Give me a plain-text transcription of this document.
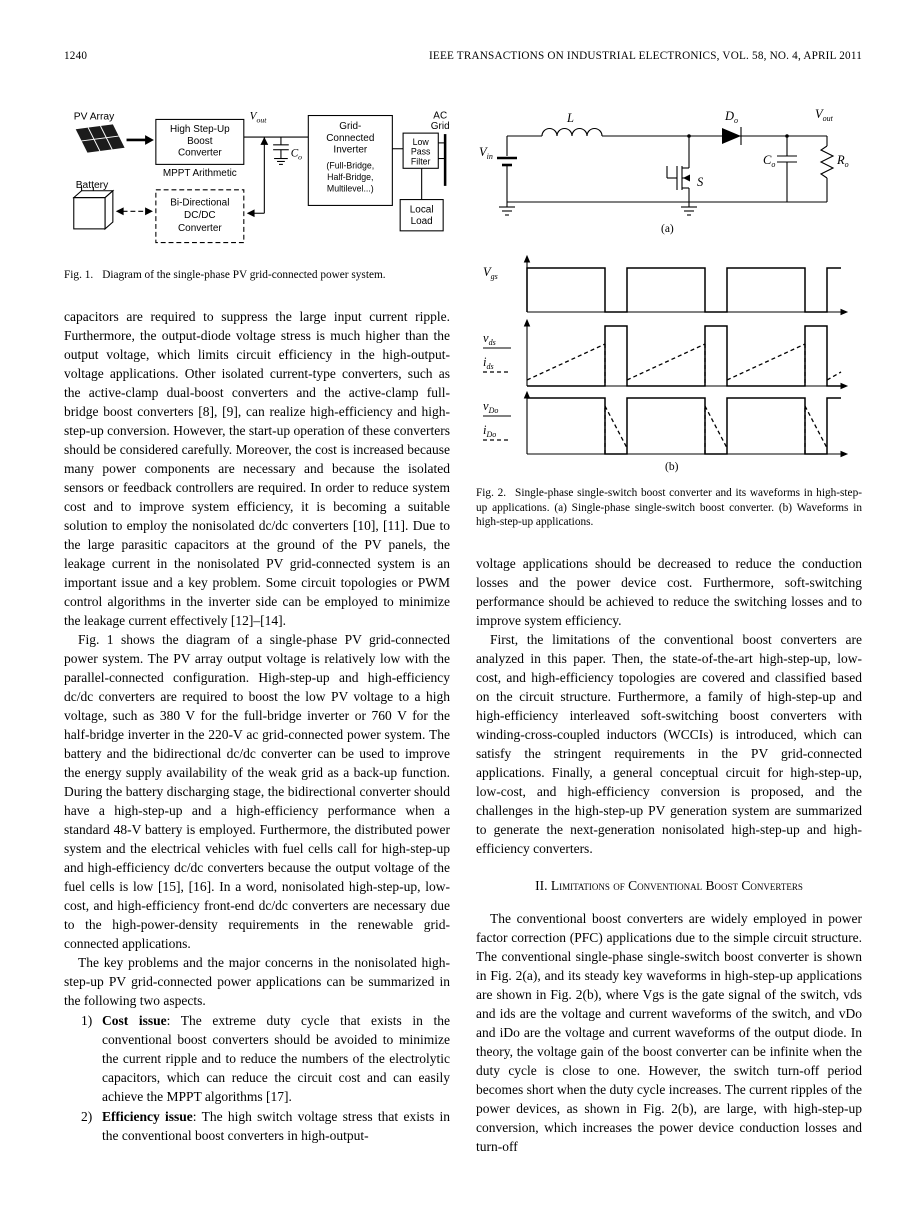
1240	IEEE TRANSACTIONS ON INDUSTRIAL ELECTRONICS, VOL. 58, NO. 4, APRIL 2011
PV Array
High Step-Up
Boost
Converter
MPPT Arithmetic
$V_{out}$
$C_o$
Grid-
Connected
Inverter
(Full-Bridge,
Half-Bridge,
Multilevel...)
Low
Pass
Filter
AC
Grid
Local
Load
Battery
Bi-Directional
DC/DC
Converter
Fig. 1. Diagram of the single-phase PV grid-connected power system.

capacitors are required to suppress the large input current ripple. Furthermore, the output-diode voltage stress is much higher than the output voltage, which limits circuit efficiency in the high-output-voltage applications. Other isolated current-type converters, such as the active-clamp dual-boost converters and the active-clamp full-bridge boost converters [8], [9], can realize high-efficiency and high-step-up conversion. However, the start-up operation of these converters should be considered carefully. Moreover, the cost is increased because many power components are necessary and because the isolated sensors or feedback controllers are required. In order to reduce system cost and to improve system efficiency, it is becoming a suitable solution to employ the nonisolated dc/dc converters [10], [11]. Due to the large parasitic capacitors at the ground of the PV panels, the leakage current in the nonisolated PV grid-connected system is an important issue and a key problem. Some circuit topologies or PWM control algorithms in the inverter side can be employed to minimize the leakage current effectively [12]–[14].

Fig. 1 shows the diagram of a single-phase PV grid-connected power system. The PV array output voltage is relatively low with the parallel-connected configuration. High-step-up and high-efficiency dc/dc converters are required to boost the low PV voltage to a high voltage, such as 380 V for the full-bridge inverter or 760 V for the half-bridge inverter in the 220-V ac grid-connected power system. The battery and the bidirectional dc/dc converter can be used to improve the energy supply availability of the weak grid as a back-up function. During the battery discharging stage, the bidirectional converter should have a high-step-up and a high-efficiency performance when a standard 48-V battery is employed. Furthermore, the distributed power system and the electrical vehicles with fuel cells call for high-step-up and high-efficiency dc/dc converters because the output voltage of the fuel cells is low [15], [16]. In a word, nonisolated high-step-up, low-cost, and high-efficiency front-end dc/dc converters are necessary due to the high-power-density requirements in the renewable grid-connected applications.

The key problems and the major concerns in the nonisolated high-step-up PV grid-connected power applications can be summarized in the following two aspects.

1) Cost issue: The extreme duty cycle that exists in the conventional boost converters should be avoided to minimize the current ripple and to reduce the numbers of the electrolytic capacitors, which can reduce the circuit cost and can easily achieve the MPPT algorithms [17].
2) Efficiency issue: The high switch voltage stress that exists in the conventional boost converters in high-output-
$V_{in}$
L
S
$D_o$
$C_o$	$R_o$
$V_{out}$
(a)
$V_{gs}$
$v_{ds}$
$i_{ds}$
$v_{Do}$
$i_{Do}$
(b)
Fig. 2. Single-phase single-switch boost converter and its waveforms in high-step-up applications. (a) Single-phase single-switch boost converter. (b) Waveforms in high-step-up applications.

voltage applications should be decreased to reduce the conduction losses and the power device cost. Furthermore, soft-switching performance should be achieved to reduce the switching losses and to improve system efficiency.

First, the limitations of the conventional boost converters are analyzed in this paper. Then, the state-of-the-art high-step-up, low-cost, and high-efficiency topologies are covered and classified based on the circuit structure. Furthermore, a family of high-step-up and high-efficiency interleaved soft-switching boost converters with winding-cross-coupled inductors (WCCIs) is introduced, which can satisfy the stringent requirements in the PV grid-connected applications. Finally, a general conceptual circuit for high-step-up, low-cost, and high-efficiency conversion is proposed, and the challenges in the high-step-up PV generation system are summarized to generate the next-generation nonisolated high-step-up and high-efficiency converters.

II. Limitations of Conventional Boost Converters

The conventional boost converters are widely employed in power factor correction (PFC) applications due to the simple circuit structure. The conventional single-phase single-switch boost converter is shown in Fig. 2(a), and its steady key waveforms in high-step-up applications are shown in Fig. 2(b), where Vgs is the gate signal of the switch, vds and ids are the voltage and current waveforms of the switch, and vDo and iDo are the voltage and current waveforms of the output diode. In theory, the voltage gain of the boost converter can be infinite when the duty cycle is close to one. However, the switch turn-off period becomes short when the duty cycle increases. The current ripples of the power devices, as shown in Fig. 2(b), are large, with high-step-up conversion, which increases the power device conduction losses and turn-off
